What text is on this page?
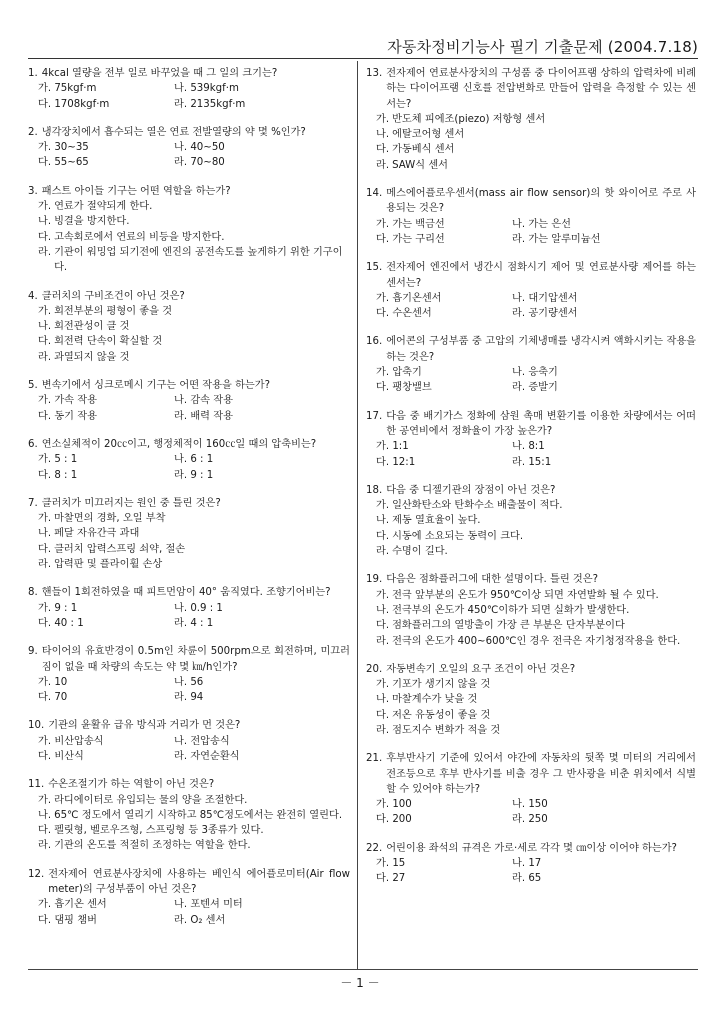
자동차정비기능사 필기 기출문제 (2004.7.18)
1. 4kcal 열량을 전부 일로 바꾸었을 때 그 일의 크기는?
가. 75kgf·m	나. 539kgf·m
다. 1708kgf·m	라. 2135kgf·m
2. 냉각장치에서 흡수되는 열은 연료 전발열량의 약 몇 %인가?
가. 30~35	나. 40~50
다. 55~65	라. 70~80
3. 패스트 아이들 기구는 어떤 역할을 하는가?
가. 연료가 절약되게 한다.
나. 빙결을 방지한다.
다. 고속회로에서 연료의 비등을 방지한다.
라. 기관이 워밍업 되기전에 엔진의 공전속도를 높게하기 위한 기구이다.
4. 클러치의 구비조건이 아닌 것은?
가. 회전부분의 평형이 좋을 것
나. 회전관성이 클 것
다. 회전력 단속이 확실할 것
라. 과열되지 않을 것
5. 변속기에서 싱크로메시 기구는 어떤 작용을 하는가?
가. 가속 작용	나. 감속 작용
다. 동기 작용	라. 배력 작용
6. 연소실체적이 20㏄이고, 행정체적이 160㏄일 때의 압축비는?
가. 5 : 1	나. 6 : 1
다. 8 : 1	라. 9 : 1
7. 클러치가 미끄러지는 원인 중 틀린 것은?
가. 마찰면의 경화, 오일 부착
나. 페달 자유간극 과대
다. 클러치 압력스프링 쇠약, 절손
라. 압력판 및 플라이휠 손상
8. 핸들이 1회전하였을 때 피트먼암이 40° 움직였다. 조향기어비는?
가. 9 : 1	나. 0.9 : 1
다. 40 : 1	라. 4 : 1
9. 타이어의 유효반경이 0.5m인 차륜이 500rpm으로 회전하며, 미끄러짐이 없을 때 차량의 속도는 약 몇 ㎞/h인가?
가. 10	나. 56
다. 70	라. 94
10. 기관의 윤활유 급유 방식과 거리가 먼 것은?
가. 비산압송식	나. 전압송식
다. 비산식	라. 자연순환식
11. 수온조절기가 하는 역할이 아닌 것은?
가. 라디에이터로 유입되는 물의 양을 조절한다.
나. 65℃ 정도에서 열리기 시작하고 85℃정도에서는 완전히 열린다.
다. 펠릿형, 벨로우즈형, 스프링형 등 3종류가 있다.
라. 기관의 온도를 적절히 조정하는 역할을 한다.
12. 전자제어 연료분사장치에 사용하는 베인식 에어플로미터(Air flow meter)의 구성부품이 아닌 것은?
가. 흡기온 센서	나. 포텐셔 미터
다. 댐핑 챔버	라. O₂ 센서
13. 전자제어 연료분사장치의 구성품 중 다이어프램 상하의 압력차에 비례하는 다이어프램 신호를 전압변화로 만들어 압력을 측정할 수 있는 센서는?
가. 반도체 피에조(piezo) 저항형 센서
나. 에탈코어형 센서
다. 가동베식 센서
라. SAW식 센서
14. 메스에어플로우센서(mass air flow sensor)의 핫 와이어로 주로 사용되는 것은?
가. 가는 백금선	나. 가는 은선
다. 가는 구리선	라. 가는 알루미늄선
15. 전자제어 엔진에서 냉간시 점화시기 제어 및 연료분사량 제어를 하는 센서는?
가. 흡기온센서	나. 대기압센서
다. 수온센서	라. 공기량센서
16. 에어콘의 구성부품 중 고압의 기체냉매를 냉각시켜 액화시키는 작용을 하는 것은?
가. 압축기	나. 응축기
다. 팽창밸브	라. 증발기
17. 다음 중 배기가스 정화에 삼원 촉매 변환기를 이용한 차량에서는 어떠한 공연비에서 정화율이 가장 높은가?
가. 1:1	나. 8:1
다. 12:1	라. 15:1
18. 다음 중 디젤기관의 장점이 아닌 것은?
가. 일산화탄소와 탄화수소 배출물이 적다.
나. 제동 열효율이 높다.
다. 시동에 소요되는 동력이 크다.
라. 수명이 길다.
19. 다음은 점화플러그에 대한 설명이다. 틀린 것은?
가. 전극 앞부분의 온도가 950℃이상 되면 자연발화 될 수 있다.
나. 전극부의 온도가 450℃이하가 되면 실화가 발생한다.
다. 점화플러그의 열방출이 가장 큰 부분은 단자부분이다
라. 전극의 온도가 400~600℃인 경우 전극은 자기청정작용을 한다.
20. 자동변속기 오일의 요구 조건이 아닌 것은?
가. 기포가 생기지 않을 것
나. 마찰계수가 낮을 것
다. 저온 유동성이 좋을 것
라. 점도지수 변화가 적을 것
21. 후부반사기 기준에 있어서 야간에 자동차의 뒷쪽 몇 미터의 거리에서 전조등으로 후부 반사기를 비출 경우 그 반사광을 비춘 위치에서 식별할 수 있어야 하는가?
가. 100	나. 150
다. 200	라. 250
22. 어린이용 좌석의 규격은 가로·세로 각각 몇 ㎝이상 이어야 하는가?
가. 15	나. 17
다. 27	라. 65
－ 1 －
